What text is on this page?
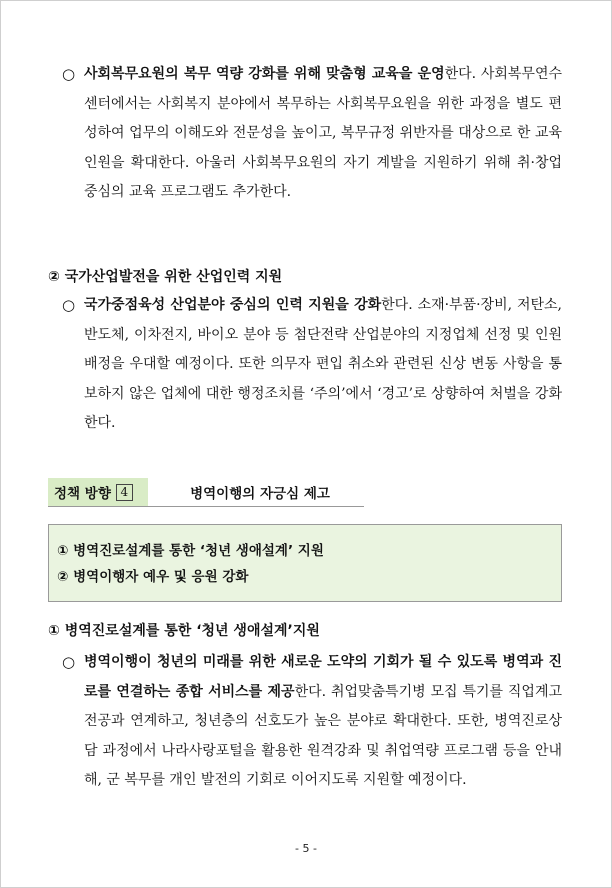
○ 사회복무요원의 복무 역량 강화를 위해 맞춤형 교육을 운영한다. 사회복무연수센터에서는 사회복지 분야에서 복무하는 사회복무요원을 위한 과정을 별도 편성하여 업무의 이해도와 전문성을 높이고, 복무규정 위반자를 대상으로 한 교육 인원을 확대한다. 아울러 사회복무요원의 자기 계발을 지원하기 위해 취·창업 중심의 교육 프로그램도 추가한다.
② 국가산업발전을 위한 산업인력 지원
○ 국가중점육성 산업분야 중심의 인력 지원을 강화한다. 소재·부품·장비, 저탄소, 반도체, 이차전지, 바이오 분야 등 첨단전략 산업분야의 지정업체 선정 및 인원 배정을 우대할 예정이다. 또한 의무자 편입 취소와 관련된 신상 변동 사항을 통보하지 않은 업체에 대한 행정조치를 ‘주의’에서 ‘경고’로 상향하여 처벌을 강화한다.
정책 방향 4	병역이행의 자긍심 제고
① 병역진로설계를 통한 ‘청년 생애설계’ 지원
② 병역이행자 예우 및 응원 강화
① 병역진로설계를 통한 ‘청년 생애설계’지원
○ 병역이행이 청년의 미래를 위한 새로운 도약의 기회가 될 수 있도록 병역과 진로를 연결하는 종합 서비스를 제공한다. 취업맞춤특기병 모집 특기를 직업계고 전공과 연계하고, 청년층의 선호도가 높은 분야로 확대한다. 또한, 병역진로상담 과정에서 나라사랑포털을 활용한 원격강좌 및 취업역량 프로그램 등을 안내해, 군 복무를 개인 발전의 기회로 이어지도록 지원할 예정이다.
- 5 -
